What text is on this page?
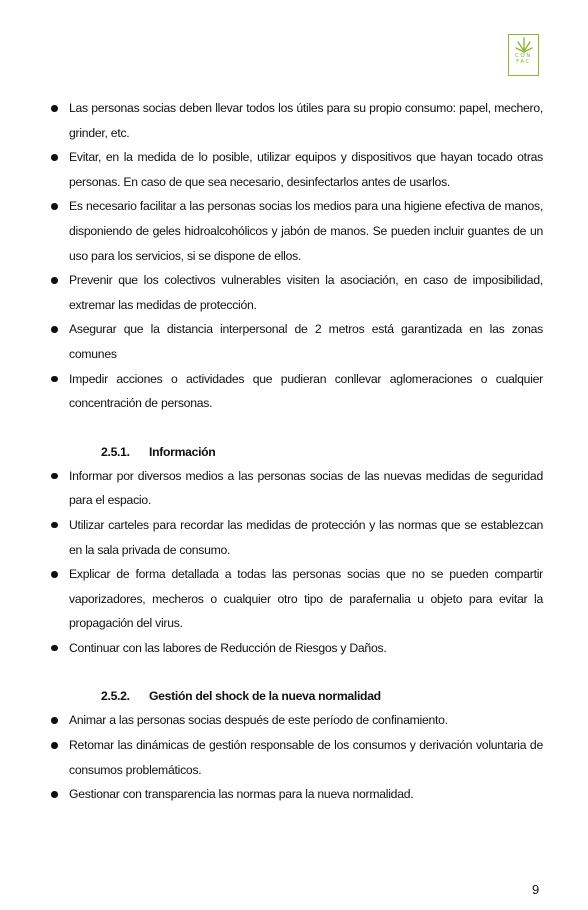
CON
FAC
Las personas socias deben llevar todos los útiles para su propio consumo: papel, mechero, grinder, etc.
Evitar, en la medida de lo posible, utilizar equipos y dispositivos que hayan tocado otras personas. En caso de que sea necesario, desinfectarlos antes de usarlos.
Es necesario facilitar a las personas socias los medios para una higiene efectiva de manos, disponiendo de geles hidroalcohólicos y jabón de manos. Se pueden incluir guantes de un uso para los servicios, si se dispone de ellos.
Prevenir que los colectivos vulnerables visiten la asociación, en caso de imposibilidad, extremar las medidas de protección.
Asegurar que la distancia interpersonal de 2 metros está garantizada en las zonas comunes
Impedir acciones o actividades que pudieran conllevar aglomeraciones o cualquier concentración de personas.
2.5.1.	Información
Informar por diversos medios a las personas socias de las nuevas medidas de seguridad para el espacio.
Utilizar carteles para recordar las medidas de protección y las normas que se establezcan en la sala privada de consumo.
Explicar de forma detallada a todas las personas socias que no se pueden compartir vaporizadores, mecheros o cualquier otro tipo de parafernalia u objeto para evitar la propagación del virus.
Continuar con las labores de Reducción de Riesgos y Daños.
2.5.2.	Gestión del shock de la nueva normalidad
Animar a las personas socias después de este período de confinamiento.
Retomar las dinámicas de gestión responsable de los consumos y derivación voluntaria de consumos problemáticos.
Gestionar con transparencia las normas para la nueva normalidad.
9
